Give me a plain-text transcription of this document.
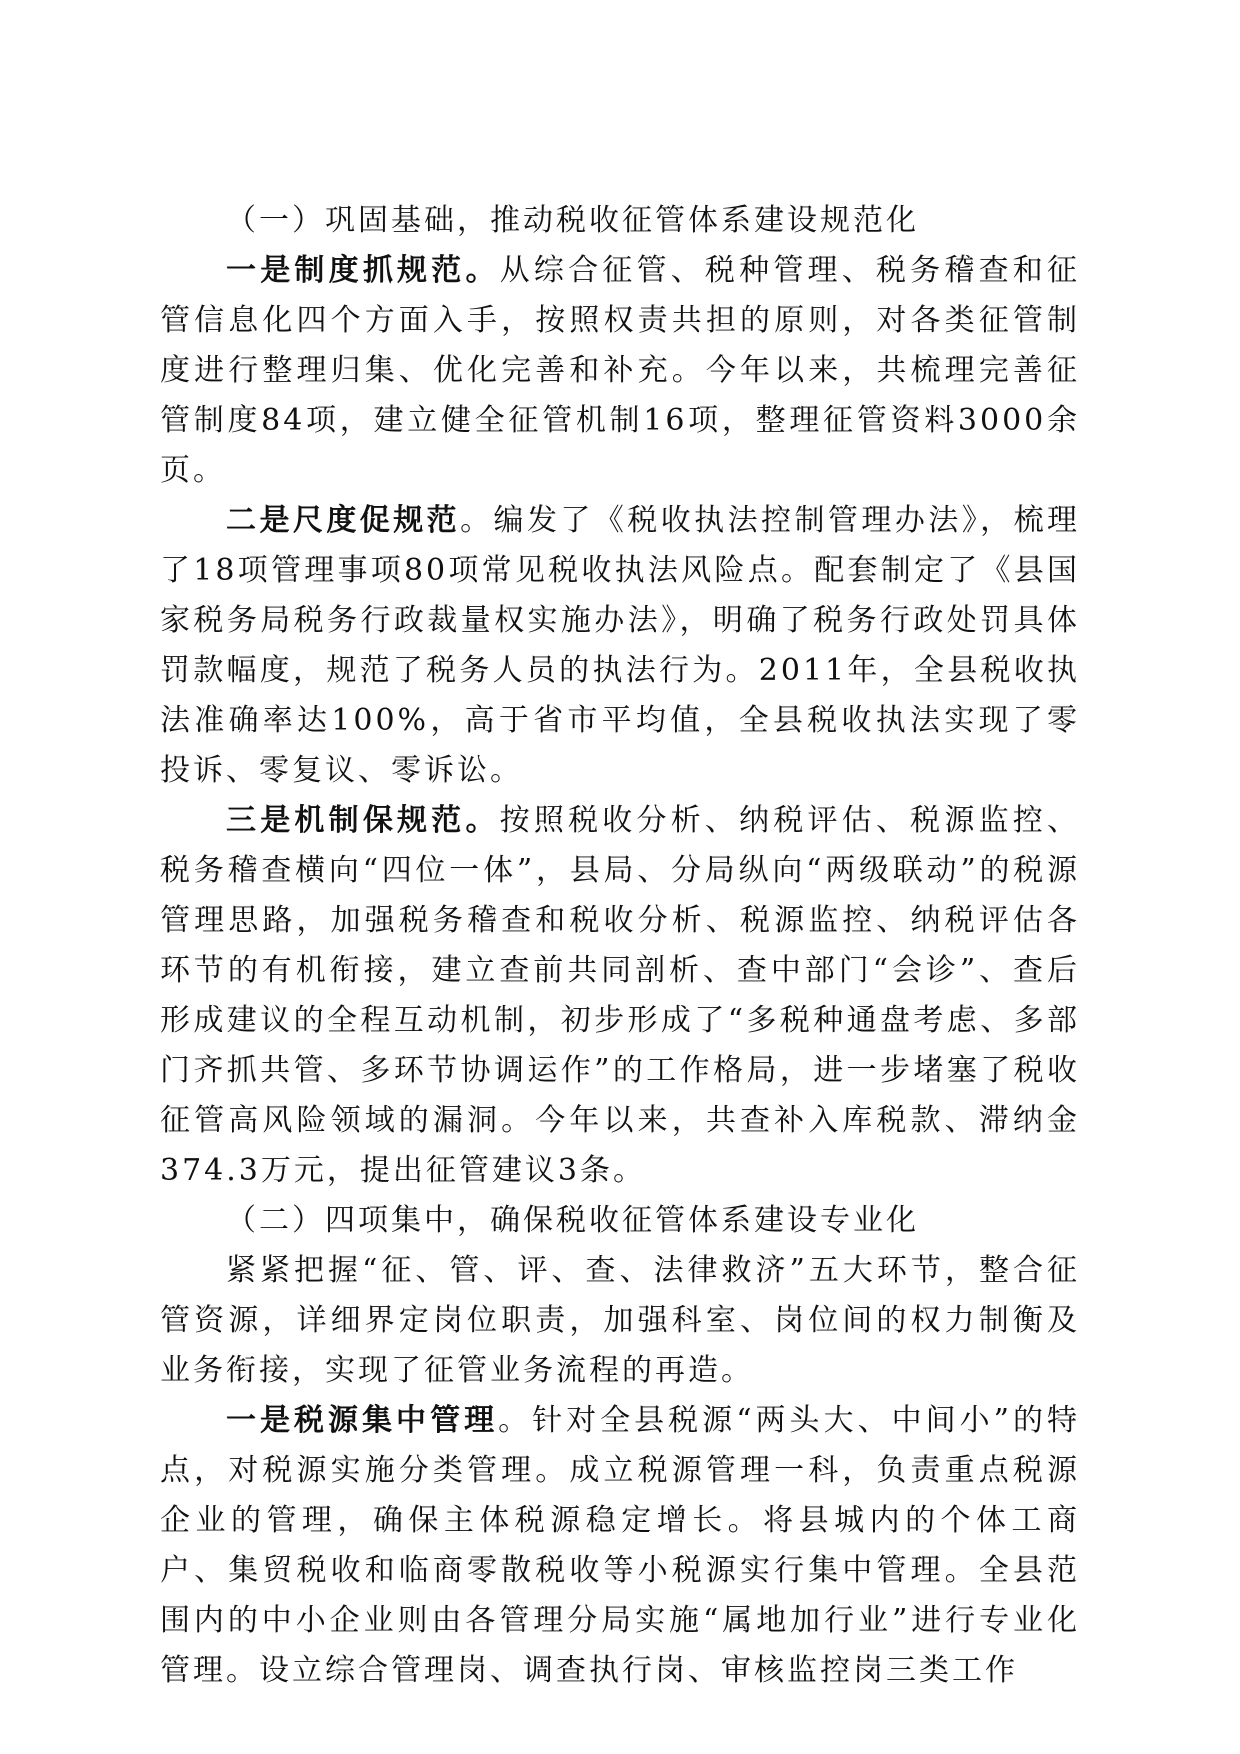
（一）巩固基础，推动税收征管体系建设规范化

一是制度抓规范。从综合征管、税种管理、税务稽查和征管信息化四个方面入手，按照权责共担的原则，对各类征管制度进行整理归集、优化完善和补充。今年以来，共梳理完善征管制度84项，建立健全征管机制16项，整理征管资料3000余页。

二是尺度促规范。编发了《税收执法控制管理办法》，梳理了18项管理事项80项常见税收执法风险点。配套制定了《县国家税务局税务行政裁量权实施办法》，明确了税务行政处罚具体罚款幅度，规范了税务人员的执法行为。2011年，全县税收执法准确率达100%，高于省市平均值，全县税收执法实现了零投诉、零复议、零诉讼。

三是机制保规范。按照税收分析、纳税评估、税源监控、税务稽查横向“四位一体”，县局、分局纵向“两级联动”的税源管理思路，加强税务稽查和税收分析、税源监控、纳税评估各环节的有机衔接，建立查前共同剖析、查中部门“会诊”、查后形成建议的全程互动机制，初步形成了“多税种通盘考虑、多部门齐抓共管、多环节协调运作”的工作格局，进一步堵塞了税收征管高风险领域的漏洞。今年以来，共查补入库税款、滞纳金374.3万元，提出征管建议3条。

（二）四项集中，确保税收征管体系建设专业化

紧紧把握“征、管、评、查、法律救济”五大环节，整合征管资源，详细界定岗位职责，加强科室、岗位间的权力制衡及业务衔接，实现了征管业务流程的再造。

一是税源集中管理。针对全县税源“两头大、中间小”的特点，对税源实施分类管理。成立税源管理一科，负责重点税源企业的管理，确保主体税源稳定增长。将县城内的个体工商户、集贸税收和临商零散税收等小税源实行集中管理。全县范围内的中小企业则由各管理分局实施“属地加行业”进行专业化管理。设立综合管理岗、调查执行岗、审核监控岗三类工作
